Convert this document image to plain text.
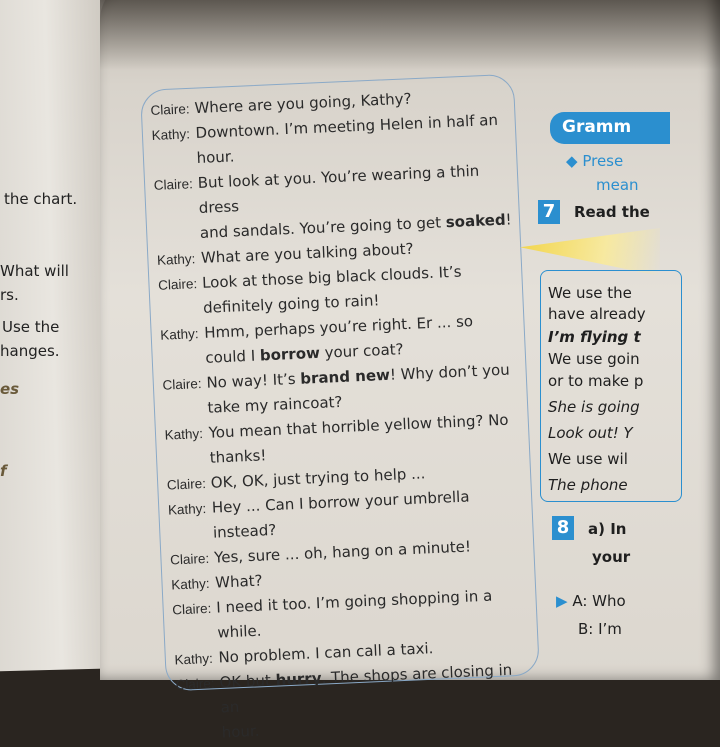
the chart.
What will
rs.
Use the
hanges.
es
f
Claire: Where are you going, Kathy?
Kathy: Downtown. I’m meeting Helen in half an
hour.
Claire: But look at you. You’re wearing a thin dress
and sandals. You’re going to get soaked!
Kathy: What are you talking about?
Claire: Look at those big black clouds. It’s
definitely going to rain!
Kathy: Hmm, perhaps you’re right. Er ... so
could I borrow your coat?
Claire: No way! It’s brand new! Why don’t you
take my raincoat?
Kathy: You mean that horrible yellow thing? No
thanks!
Claire: OK, OK, just trying to help ...
Kathy: Hey ... Can I borrow your umbrella instead?
Claire: Yes, sure ... oh, hang on a minute!
Kathy: What?
Claire: I need it too. I’m going shopping in a while.
Kathy: No problem. I can call a taxi.
Claire: OK but hurry. The shops are closing in an
hour.
Gramm
◆ Prese
mean
7	Read the
We use the
have already
I’m flying t
We use goin
or to make p
She is going
Look out! Y
We use wil
The phone
8	a) In
your
▶ A: Who
B: I’m
